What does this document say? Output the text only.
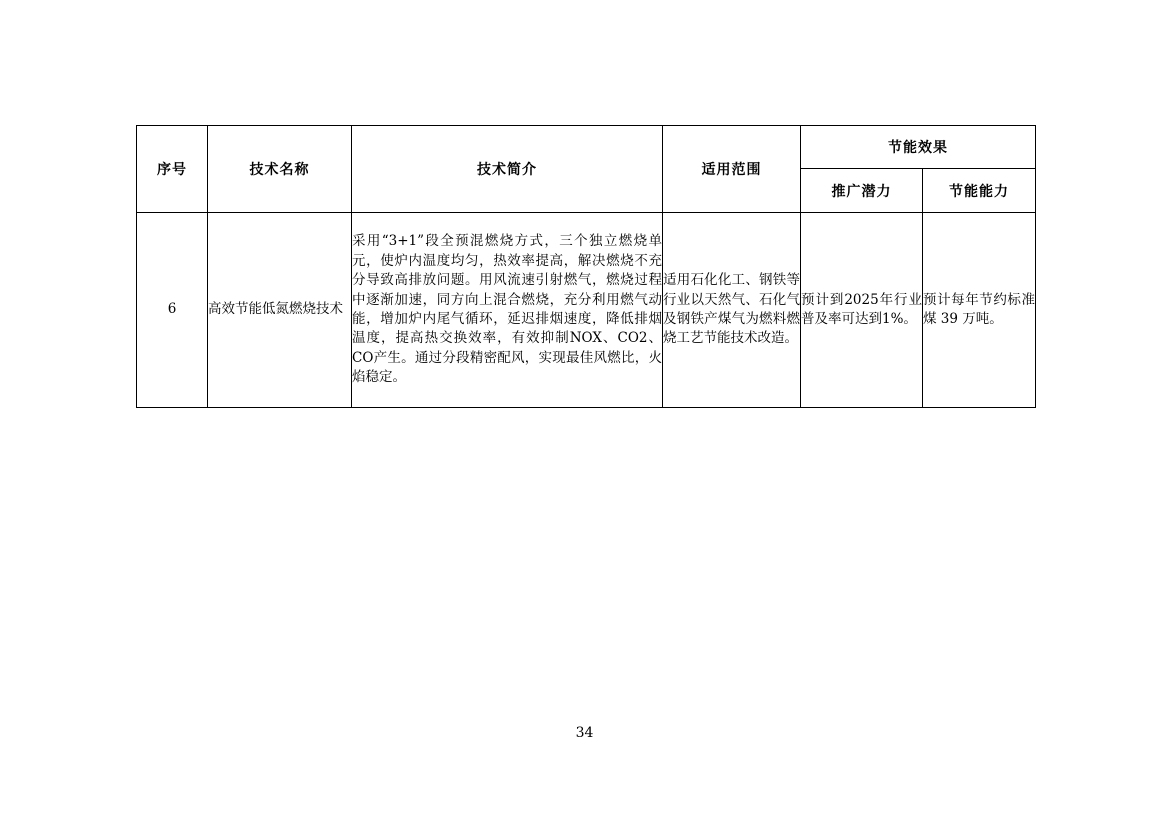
序号	技术名称	技术简介	适用范围	节能效果	
				推广潜力	节能能力
6	高效节能低氮燃烧技术	采用“3+1”段全预混燃烧方式，三个独立燃烧单元，使炉内温度均匀，热效率提高，解决燃烧不充分导致高排放问题。用风流速引射燃气，燃烧过程中逐渐加速，同方向上混合燃烧，充分利用燃气动能，增加炉内尾气循环，延迟排烟速度，降低排烟温度，提高热交换效率，有效抑制NOX、CO2、CO产生。通过分段精密配风，实现最佳风燃比，火焰稳定。	适用石化化工、钢铁等行业以天然气、石化气及钢铁产煤气为燃料燃烧工艺节能技术改造。	预计到2025年行业普及率可达到1%。	预计每年节约标准煤 39 万吨。
34
